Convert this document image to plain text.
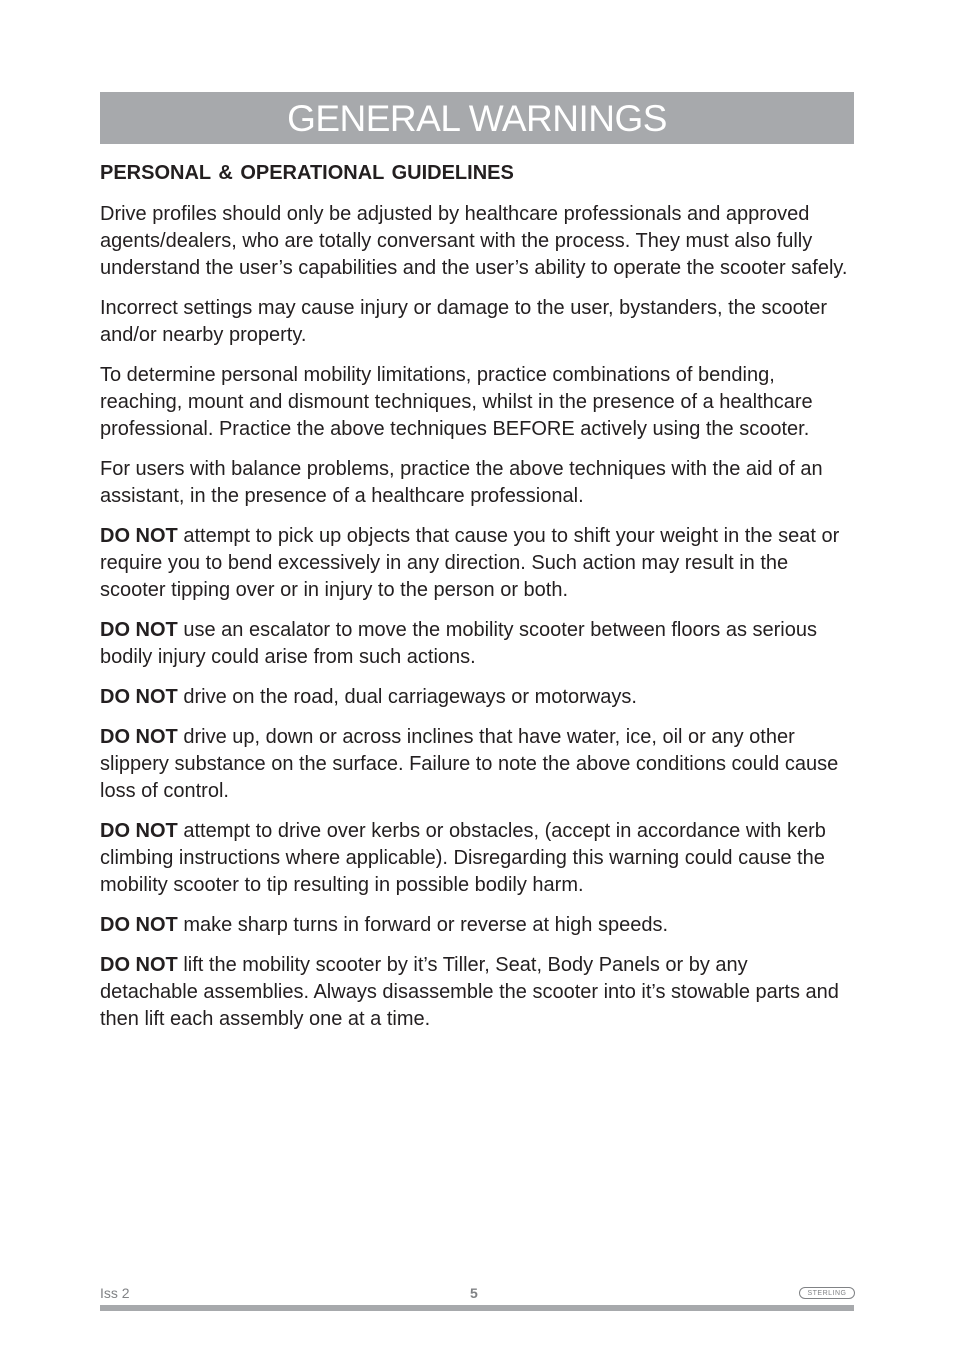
GENERAL WARNINGS
PERSONAL & OPERATIONAL GUIDELINES

Drive profiles should only be adjusted by healthcare professionals and approved agents/dealers, who are totally conversant with the process. They must also fully understand the user’s capabilities and the user’s ability to operate the scooter safely.

Incorrect settings may cause injury or damage to the user, bystanders, the scooter and/or nearby property.

To determine personal mobility limitations, practice combinations of bending, reaching, mount and dismount techniques, whilst in the presence of a healthcare professional. Practice the above techniques BEFORE actively using the scooter.

For users with balance problems, practice the above techniques with the aid of an assistant, in the presence of a healthcare professional.

DO NOT attempt to pick up objects that cause you to shift your weight in the seat or require you to bend excessively in any direction. Such action may result in the scooter tipping over or in injury to the person or both.

DO NOT use an escalator to move the mobility scooter between floors as serious bodily injury could arise from such actions.

DO NOT drive on the road, dual carriageways or motorways.

DO NOT drive up, down or across inclines that have water, ice, oil or any other slippery substance on the surface. Failure to note the above conditions could cause loss of control.

DO NOT attempt to drive over kerbs or obstacles, (accept in accordance with kerb climbing instructions where applicable). Disregarding this warning could cause the mobility scooter to tip resulting in possible bodily harm.

DO NOT make sharp turns in forward or reverse at high speeds.

DO NOT lift the mobility scooter by it’s Tiller, Seat, Body Panels or by any detachable assemblies. Always disassemble the scooter into it’s stowable parts and then lift each assembly one at a time.

Iss 2	5	STERLING
